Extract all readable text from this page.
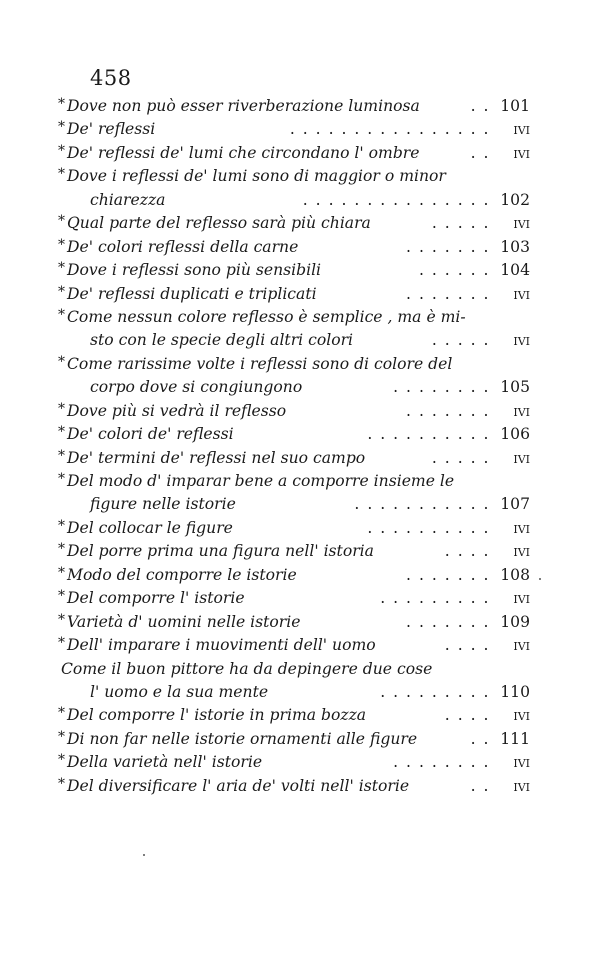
458
* Dove non può esser riverberazione luminosa	. . 101
* De' reflessi	. . . . . . . . . . . . . . . . ivi
* De' reflessi de' lumi che circondano l' ombre	. . ivi
* Dove i reflessi de' lumi sono di maggior o minor
chiarezza	. . . . . . . . . . . . . . . 102
* Qual parte del reflesso sarà più chiara	. . . . . ivi
* De' colori reflessi della carne	. . . . . . . 103
* Dove i reflessi sono più sensibili	. . . . . . 104
* De' reflessi duplicati e triplicati	. . . . . . . ivi
* Come nessun colore reflesso è semplice , ma è mi-
sto con le specie degli altri colori	. . . . . ivi
* Come rarissime volte i reflessi sono di colore del
corpo dove si congiungono	. . . . . . . . 105
* Dove più si vedrà il reflesso	. . . . . . . ivi
* De' colori de' reflessi	. . . . . . . . . . 106
* De' termini de' reflessi nel suo campo	. . . . . ivi
* Del modo d' imparar bene a comporre insieme le
figure nelle istorie	. . . . . . . . . . . 107
* Del collocar le figure	. . . . . . . . . . ivi
* Del porre prima una figura nell' istoria	. . . . ivi
* Modo del comporre le istorie	. . . . . . . 108
* Del comporre l' istorie	. . . . . . . . . ivi
* Varietà d' uomini nelle istorie	. . . . . . . 109
* Dell' imparare i muovimenti dell' uomo	. . . . ivi
Come il buon pittore ha da depingere due cose
l' uomo e la sua mente	. . . . . . . . . 110
* Del comporre l' istorie in prima bozza	. . . . ivi
* Di non far nelle istorie ornamenti alle figure	. . 111
* Della varietà nell' istorie	. . . . . . . . ivi
* Del diversificare l' aria de' volti nell' istorie	. . ivi
